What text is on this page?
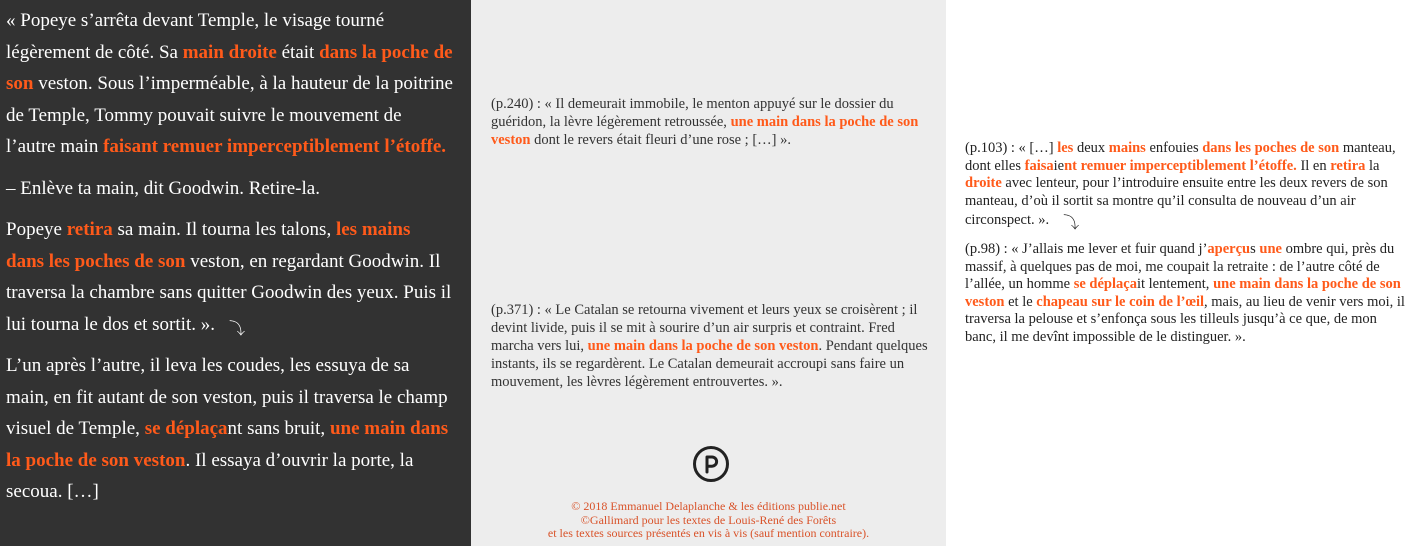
« Popeye s’arrêta devant Temple, le visage tourné légèrement de côté. Sa main droite était dans la poche de son veston. Sous l’imperméable, à la hauteur de la poitrine de Temple, Tommy pouvait suivre le mouvement de l’autre main faisant remuer imperceptiblement l’étoffe.

– Enlève ta main, dit Goodwin. Retire-la.

Popeye retira sa main. Il tourna les talons, les mains dans les poches de son veston, en regardant Goodwin. Il traversa la chambre sans quitter Goodwin des yeux. Puis il lui tourna le dos et sortit. ». ⤵

L’un après l’autre, il leva les coudes, les essuya de sa main, en fit autant de son veston, puis il traversa le champ visuel de Temple, se déplaçant sans bruit, une main dans la poche de son veston. Il essaya d’ouvrir la porte, la secoua. […]

(p.240) : « Il demeurait immobile, le menton appuyé sur le dossier du guéridon, la lèvre légèrement retroussée, une main dans la poche de son veston dont le revers était fleuri d’une rose ; […] ».

(p.371) : « Le Catalan se retourna vivement et leurs yeux se croisèrent ; il devint livide, puis il se mit à sourire d’un air surpris et contraint. Fred marcha vers lui, une main dans la poche de son veston. Pendant quelques instants, ils se regardèrent. Le Catalan demeurait accroupi sans faire un mouvement, les lèvres légèrement entrouvertes. ».

© 2018 Emmanuel Delaplanche & les éditions publie.net
©Gallimard pour les textes de Louis-René des Forêts
et les textes sources présentés en vis à vis (sauf mention contraire).

(p.103) : « […] les deux mains enfouies dans les poches de son manteau, dont elles faisaient remuer imperceptiblement l’étoffe. Il en retira la droite avec lenteur, pour l’introduire ensuite entre les deux revers de son manteau, d’où il sortit sa montre qu’il consulta de nouveau d’un air circonspect. ». ⤵

(p.98) : « J’allais me lever et fuir quand j’aperçus une ombre qui, près du massif, à quelques pas de moi, me coupait la retraite : de l’autre côté de l’allée, un homme se déplaçait lentement, une main dans la poche de son veston et le chapeau sur le coin de l’œil, mais, au lieu de venir vers moi, il traversa la pelouse et s’enfonça sous les tilleuls jusqu’à ce que, de mon banc, il me devînt impossible de le distinguer. ».
